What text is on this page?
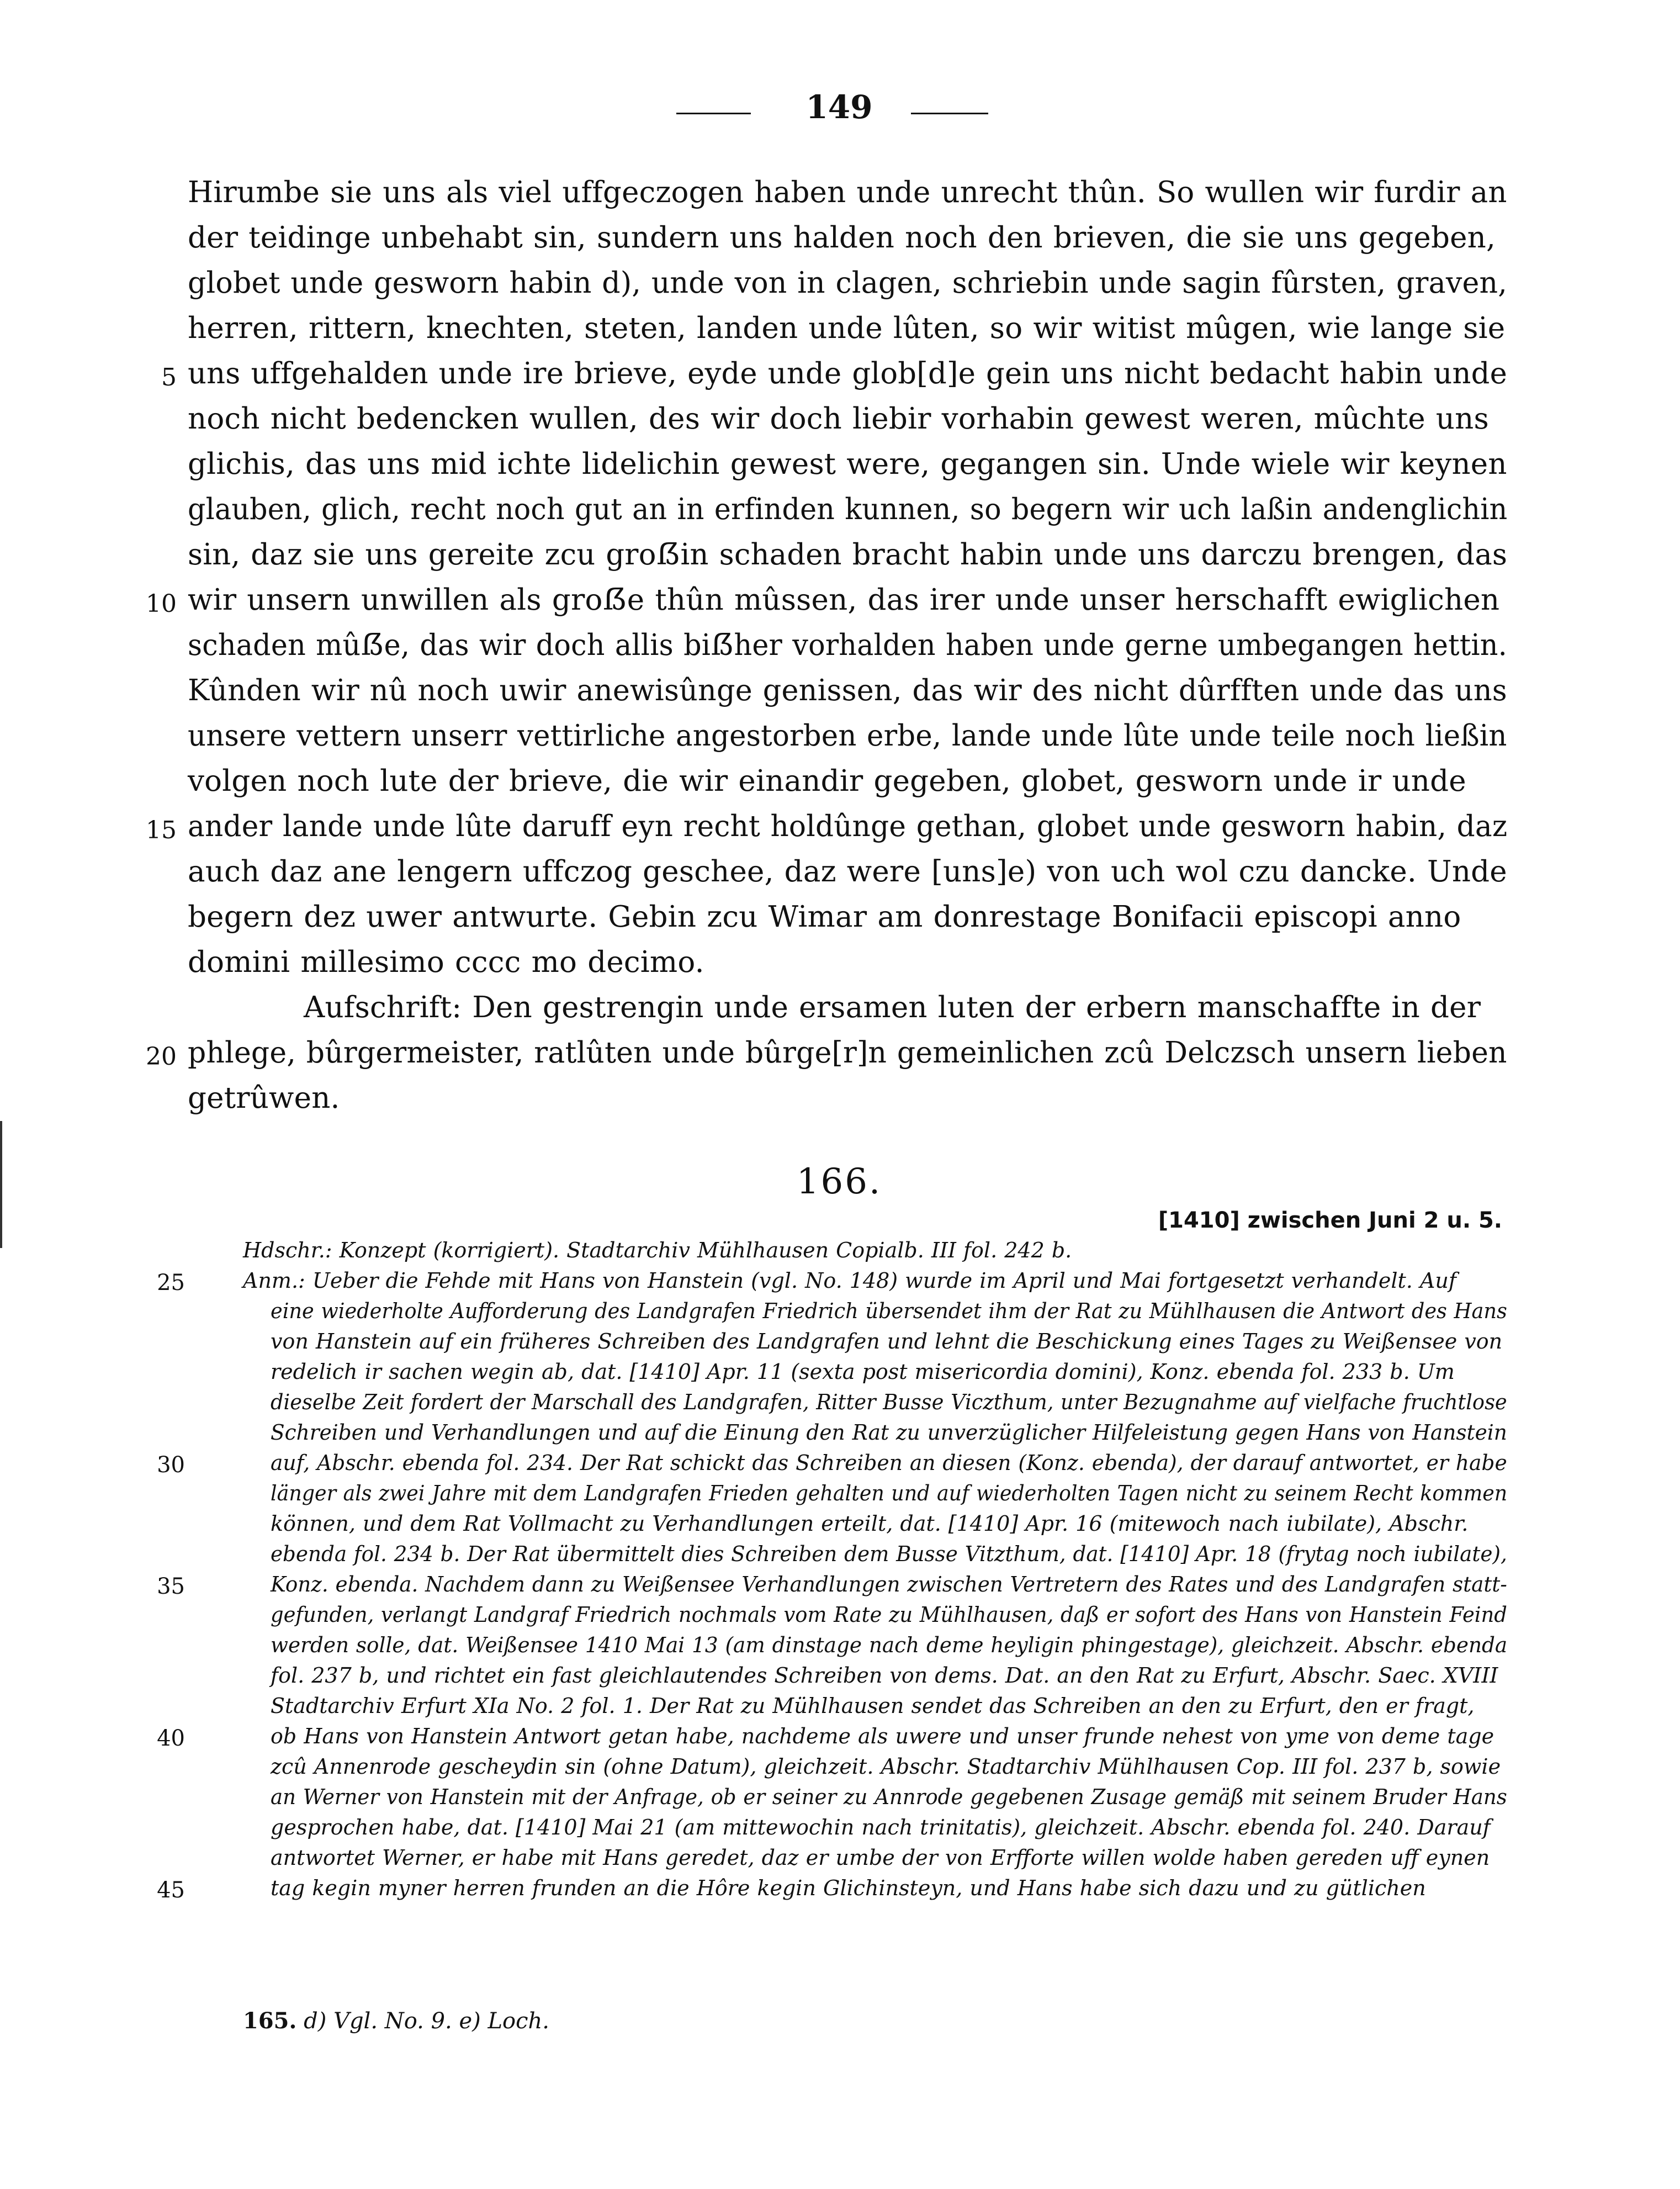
149
Hirumbe sie uns als viel uffgeczogen haben unde unrecht thûn. So wullen wir furdir an
der teidinge unbehabt sin, sundern uns halden noch den brieven, die sie uns gegeben,
globet unde gesworn habin d), unde von in clagen, schriebin unde sagin fûrsten, graven,
herren, rittern, knechten, steten, landen unde lûten, so wir witist mûgen, wie lange sie
5 uns uffgehalden unde ire brieve, eyde unde glob[d]e gein uns nicht bedacht habin unde
noch nicht bedencken wullen, des wir doch liebir vorhabin gewest weren, mûchte uns
glichis, das uns mid ichte lidelichin gewest were, gegangen sin. Unde wiele wir keynen
glauben, glich, recht noch gut an in erfinden kunnen, so begern wir uch laßin andenglichin
sin, daz sie uns gereite zcu groẞin schaden bracht habin unde uns darczu brengen, das
10 wir unsern unwillen als groẞe thûn mûssen, das irer unde unser herschafft ewiglichen
schaden mûẞe, das wir doch allis biẞher vorhalden haben unde gerne umbegangen hettin.
Kûnden wir nû noch uwir anewisûnge genissen, das wir des nicht dûrfften unde das uns
unsere vettern unserr vettirliche angestorben erbe, lande unde lûte unde teile noch ließin
volgen noch lute der brieve, die wir einandir gegeben, globet, gesworn unde ir unde
15 ander lande unde lûte daruff eyn recht holdûnge gethan, globet unde gesworn habin, daz
auch daz ane lengern uffczog geschee, daz were [uns]e) von uch wol czu dancke. Unde
begern dez uwer antwurte. Gebin zcu Wimar am donrestage Bonifacii episcopi anno
domini millesimo cccc mo decimo.
Aufschrift: Den gestrengin unde ersamen luten der erbern manschaffte in der
20 phlege, bûrgermeister, ratlûten unde bûrge[r]n gemeinlichen zcû Delczsch unsern lieben
getrûwen.
166.
[1410] zwischen Juni 2 u. 5.
Hdschr.: Konzept (korrigiert). Stadtarchiv Mühlhausen Copialb. III fol. 242 b.
25	Anm.: Ueber die Fehde mit Hans von Hanstein (vgl. No. 148) wurde im April und Mai fortgesetzt verhandelt. Auf
eine wiederholte Aufforderung des Landgrafen Friedrich übersendet ihm der Rat zu Mühlhausen die Antwort des Hans
von Hanstein auf ein früheres Schreiben des Landgrafen und lehnt die Beschickung eines Tages zu Weißensee von
redelich ir sachen wegin ab, dat. [1410] Apr. 11 (sexta post misericordia domini), Konz. ebenda fol. 233 b. Um
dieselbe Zeit fordert der Marschall des Landgrafen, Ritter Busse Viczthum, unter Bezugnahme auf vielfache fruchtlose
Schreiben und Verhandlungen und auf die Einung den Rat zu unverzüglicher Hilfeleistung gegen Hans von Hanstein
30	auf, Abschr. ebenda fol. 234. Der Rat schickt das Schreiben an diesen (Konz. ebenda), der darauf antwortet, er habe
länger als zwei Jahre mit dem Landgrafen Frieden gehalten und auf wiederholten Tagen nicht zu seinem Recht kommen
können, und dem Rat Vollmacht zu Verhandlungen erteilt, dat. [1410] Apr. 16 (mitewoch nach iubilate), Abschr.
ebenda fol. 234 b. Der Rat übermittelt dies Schreiben dem Busse Vitzthum, dat. [1410] Apr. 18 (frytag noch iubilate),
35	Konz. ebenda. Nachdem dann zu Weißensee Verhandlungen zwischen Vertretern des Rates und des Landgrafen statt-
gefunden, verlangt Landgraf Friedrich nochmals vom Rate zu Mühlhausen, daß er sofort des Hans von Hanstein Feind
werden solle, dat. Weißensee 1410 Mai 13 (am dinstage nach deme heyligin phingestage), gleichzeit. Abschr. ebenda
fol. 237 b, und richtet ein fast gleichlautendes Schreiben von dems. Dat. an den Rat zu Erfurt, Abschr. Saec. XVIII
Stadtarchiv Erfurt XIa No. 2 fol. 1. Der Rat zu Mühlhausen sendet das Schreiben an den zu Erfurt, den er fragt,
40	ob Hans von Hanstein Antwort getan habe, nachdeme als uwere und unser frunde nehest von yme von deme tage
zcû Annenrode gescheydin sin (ohne Datum), gleichzeit. Abschr. Stadtarchiv Mühlhausen Cop. III fol. 237 b, sowie
an Werner von Hanstein mit der Anfrage, ob er seiner zu Annrode gegebenen Zusage gemäß mit seinem Bruder Hans
gesprochen habe, dat. [1410] Mai 21 (am mittewochin nach trinitatis), gleichzeit. Abschr. ebenda fol. 240. Darauf
antwortet Werner, er habe mit Hans geredet, daz er umbe der von Erfforte willen wolde haben gereden uff eynen
45	tag kegin myner herren frunden an die Hôre kegin Glichinsteyn, und Hans habe sich dazu und zu gütlichen
165. d) Vgl. No. 9. e) Loch.
